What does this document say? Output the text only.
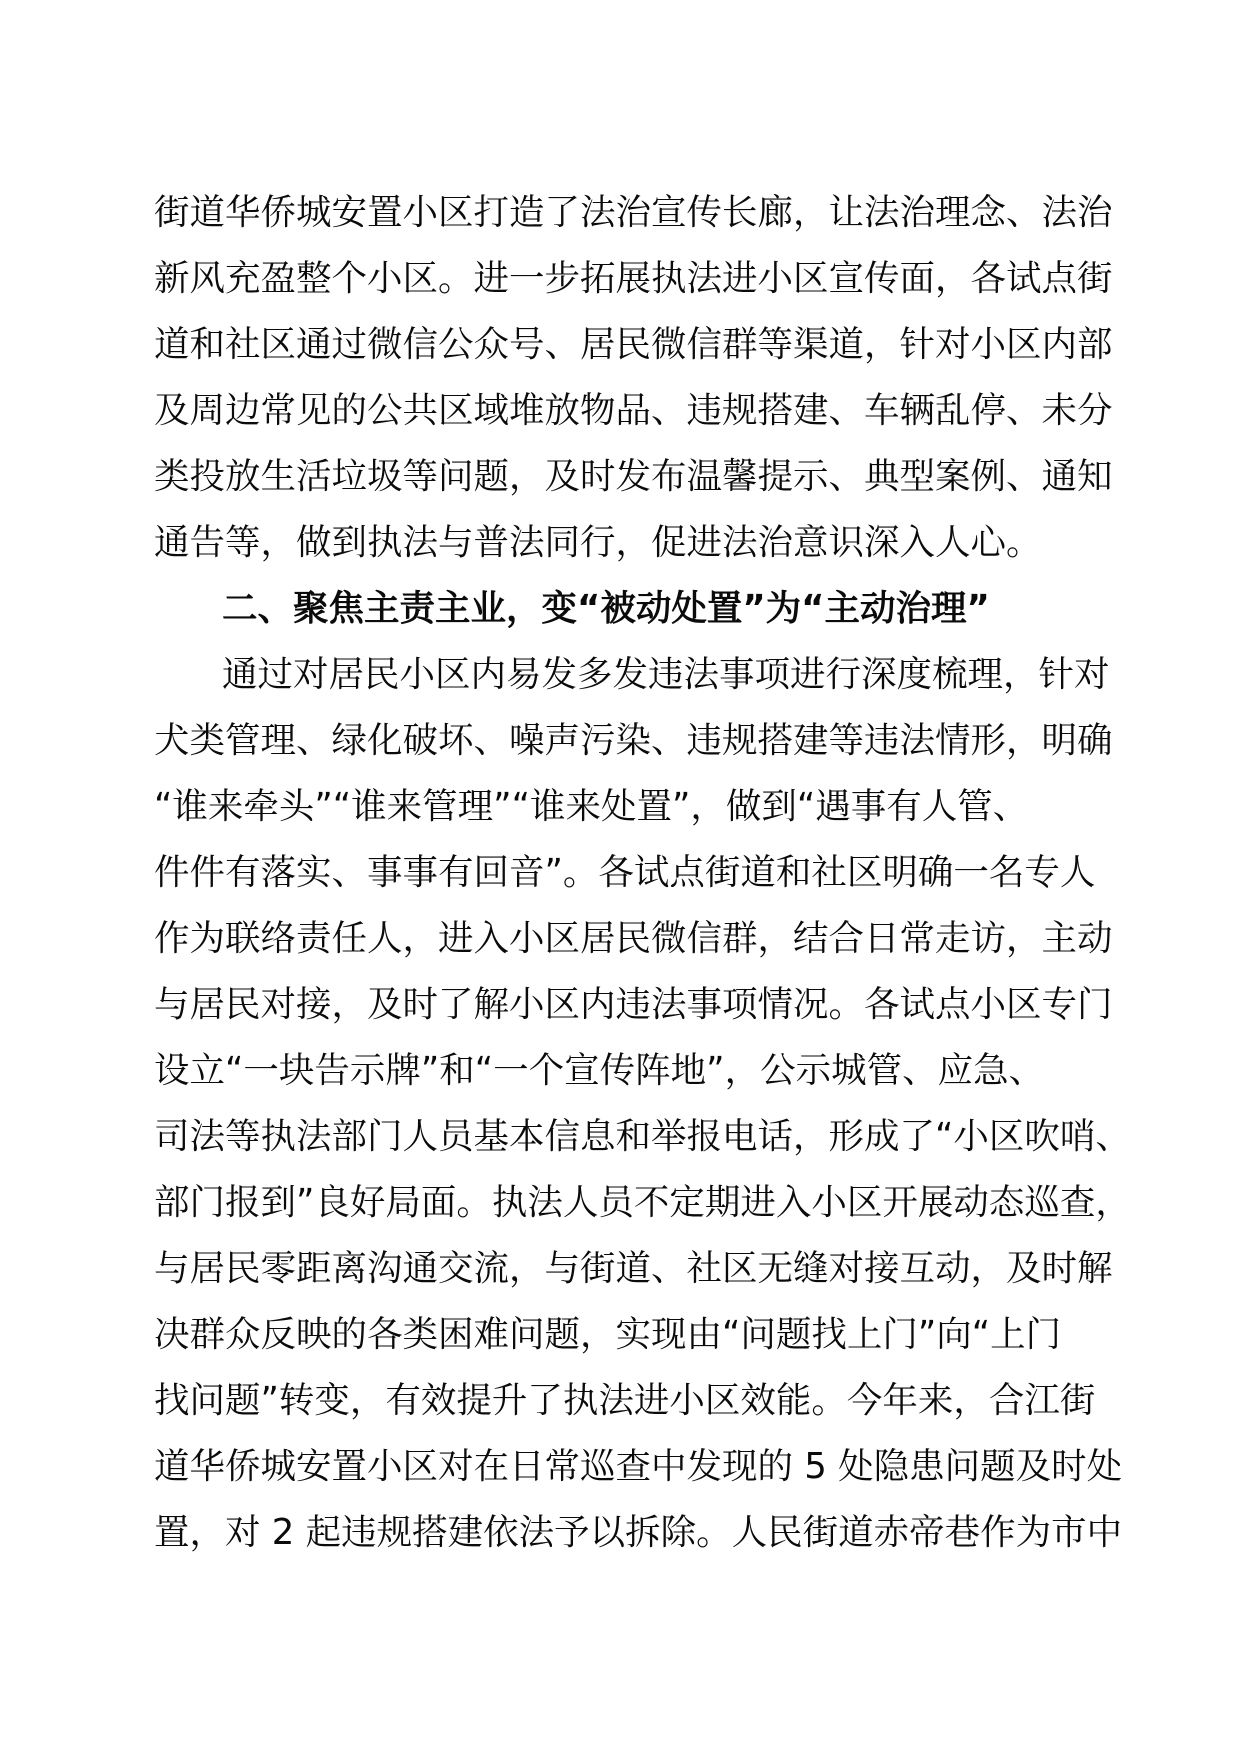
街道华侨城安置小区打造了法治宣传长廊，让法治理念、法治
新风充盈整个小区。进一步拓展执法进小区宣传面，各试点街
道和社区通过微信公众号、居民微信群等渠道，针对小区内部
及周边常见的公共区域堆放物品、违规搭建、车辆乱停、未分
类投放生活垃圾等问题，及时发布温馨提示、典型案例、通知
通告等，做到执法与普法同行，促进法治意识深入人心。
二、聚焦主责主业，变“被动处置”为“主动治理”
通过对居民小区内易发多发违法事项进行深度梳理，针对
犬类管理、绿化破坏、噪声污染、违规搭建等违法情形，明确
“谁来牵头”“谁来管理”“谁来处置”，做到“遇事有人管、
件件有落实、事事有回音”。各试点街道和社区明确一名专人
作为联络责任人，进入小区居民微信群，结合日常走访，主动
与居民对接，及时了解小区内违法事项情况。各试点小区专门
设立“一块告示牌”和“一个宣传阵地”，公示城管、应急、
司法等执法部门人员基本信息和举报电话，形成了“小区吹哨、
部门报到”良好局面。执法人员不定期进入小区开展动态巡查，
与居民零距离沟通交流，与街道、社区无缝对接互动，及时解
决群众反映的各类困难问题，实现由“问题找上门”向“上门
找问题”转变，有效提升了执法进小区效能。今年来，合江街
道华侨城安置小区对在日常巡查中发现的 5 处隐患问题及时处
置，对 2 起违规搭建依法予以拆除。人民街道赤帝巷作为市中
